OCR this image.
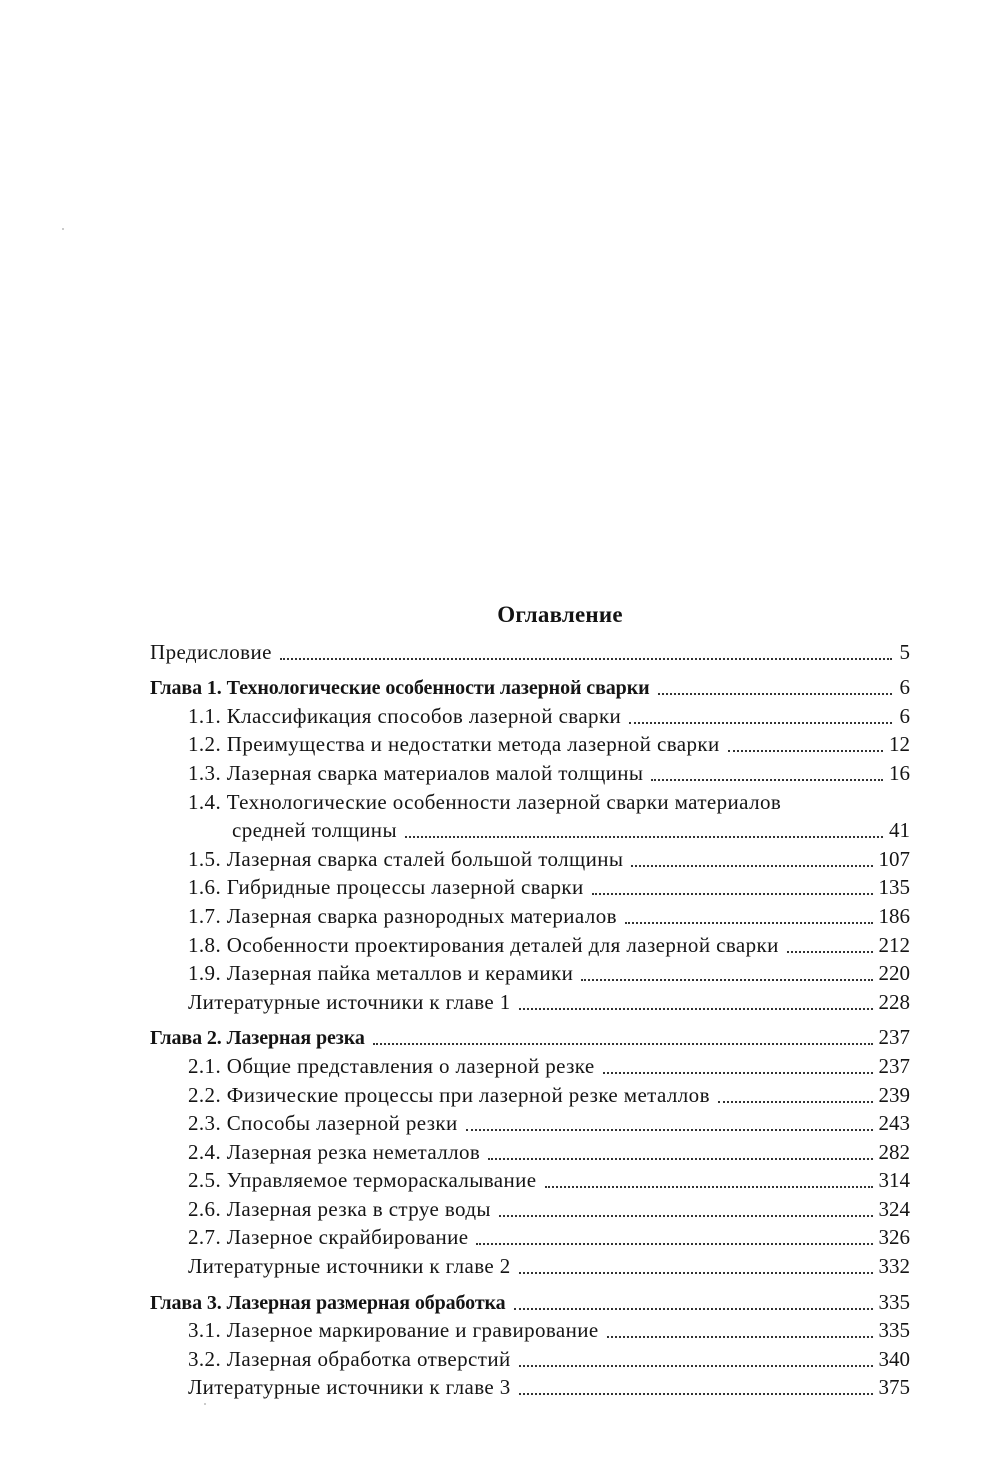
Оглавление
Предисловие	5
Глава 1. Технологические особенности лазерной сварки	6
1.1. Классификация способов лазерной сварки	6
1.2. Преимущества и недостатки метода лазерной сварки	12
1.3. Лазерная сварка материалов малой толщины	16
1.4. Технологические особенности лазерной сварки материалов
средней толщины	41
1.5. Лазерная сварка сталей большой толщины	107
1.6. Гибридные процессы лазерной сварки	135
1.7. Лазерная сварка разнородных материалов	186
1.8. Особенности проектирования деталей для лазерной сварки	212
1.9. Лазерная пайка металлов и керамики	220
Литературные источники к главе 1	228
Глава 2. Лазерная резка	237
2.1. Общие представления о лазерной резке	237
2.2. Физические процессы при лазерной резке металлов	239
2.3. Способы лазерной резки	243
2.4. Лазерная резка неметаллов	282
2.5. Управляемое термораскалывание	314
2.6. Лазерная резка в струе воды	324
2.7. Лазерное скрайбирование	326
Литературные источники к главе 2	332
Глава 3. Лазерная размерная обработка	335
3.1. Лазерное маркирование и гравирование	335
3.2. Лазерная обработка отверстий	340
Литературные источники к главе 3	375
